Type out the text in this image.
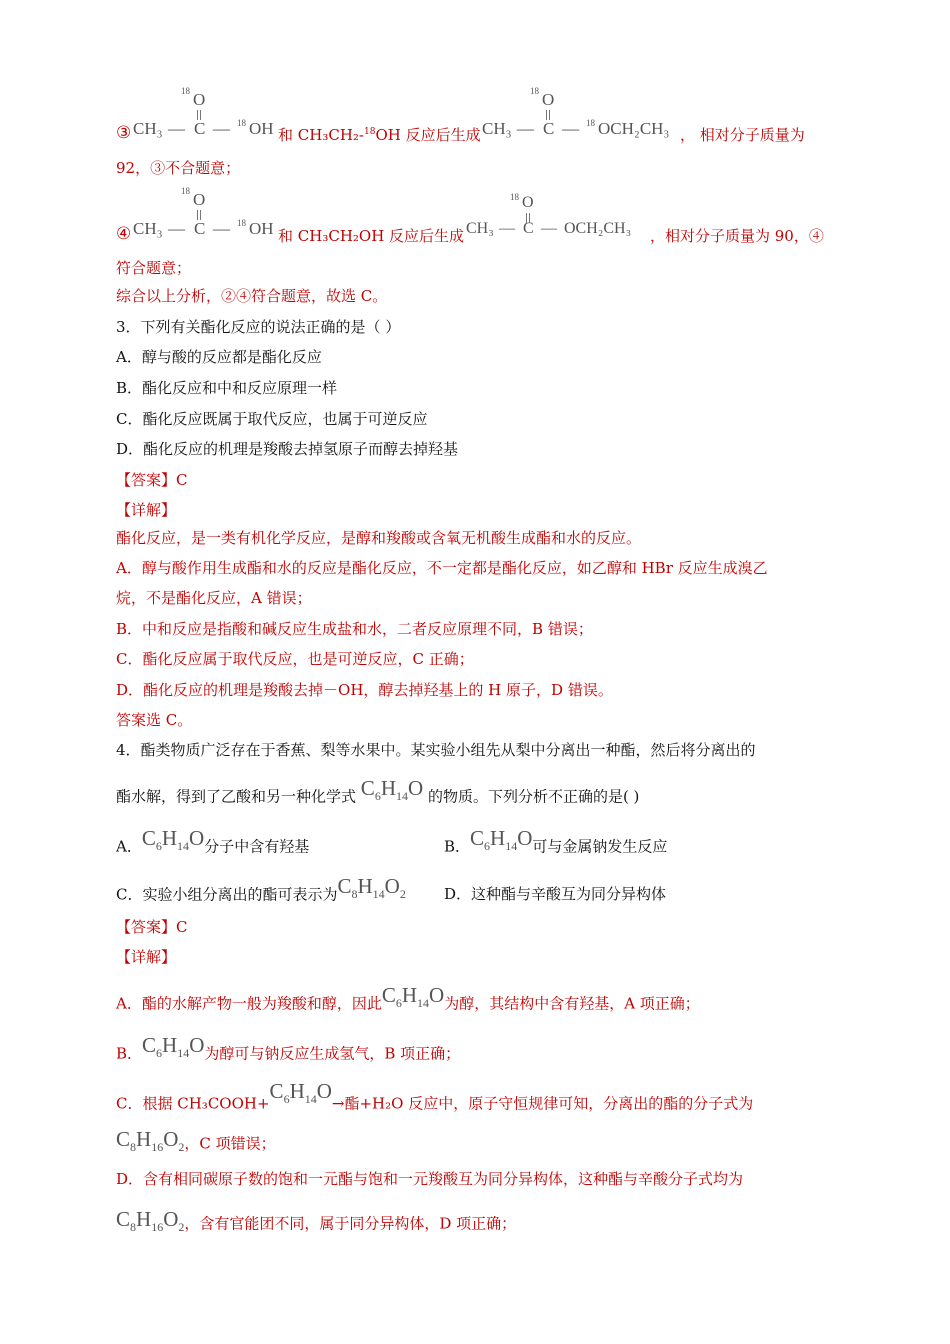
③
18 O
CH₃ — C — 18 OH 和 CH₃CH₂-$^{18}$OH 反应后生成
18 O
CH₃ — C — 18 OCH₂CH₃ ， 相对分子质量为
92，③不合题意；
④
18 O
CH₃ — C — 18 OH 和 CH₃CH₂OH 反应后生成
18 O
CH₃ — C — OCH₂CH₃ ，相对分子质量为 90，④
符合题意；
综合以上分析，②④符合题意，故选 C。
3．下列有关酯化反应的说法正确的是（ ）
A．醇与酸的反应都是酯化反应
B．酯化反应和中和反应原理一样
C．酯化反应既属于取代反应，也属于可逆反应
D．酯化反应的机理是羧酸去掉氢原子而醇去掉羟基
【答案】C
【详解】
酯化反应，是一类有机化学反应，是醇和羧酸或含氧无机酸生成酯和水的反应。
A．醇与酸作用生成酯和水的反应是酯化反应，不一定都是酯化反应，如乙醇和 HBr 反应生成溴乙
烷，不是酯化反应，A 错误；
B．中和反应是指酸和碱反应生成盐和水，二者反应原理不同，B 错误；
C．酯化反应属于取代反应，也是可逆反应，C 正确；
D．酯化反应的机理是羧酸去掉－OH，醇去掉羟基上的 H 原子，D 错误。
答案选 C。
4．酯类物质广泛存在于香蕉、梨等水果中。某实验小组先从梨中分离出一种酯，然后将分离出的
酯水解，得到了乙酸和另一种化学式 $C_6H_{14}O$ 的物质。下列分析不正确的是( )
A．$C_6H_{14}O$分子中含有羟基	B．$C_6H_{14}O$可与金属钠发生反应
C．实验小组分离出的酯可表示为$C_8H_{14}O_2$	D．这种酯与辛酸互为同分异构体
【答案】C
【详解】
A．酯的水解产物一般为羧酸和醇，因此$C_6H_{14}O$为醇，其结构中含有羟基，A 项正确；
B．$C_6H_{14}O$为醇可与钠反应生成氢气，B 项正确；
C．根据 $CH_3COOH+C_6H_{14}O\to$酯+H₂O 反应中，原子守恒规律可知，分离出的酯的分子式为
$C_8H_{16}O_2$，C 项错误；
D．含有相同碳原子数的饱和一元酯与饱和一元羧酸互为同分异构体，这种酯与辛酸分子式均为
$C_8H_{16}O_2$，含有官能团不同，属于同分异构体，D 项正确；
